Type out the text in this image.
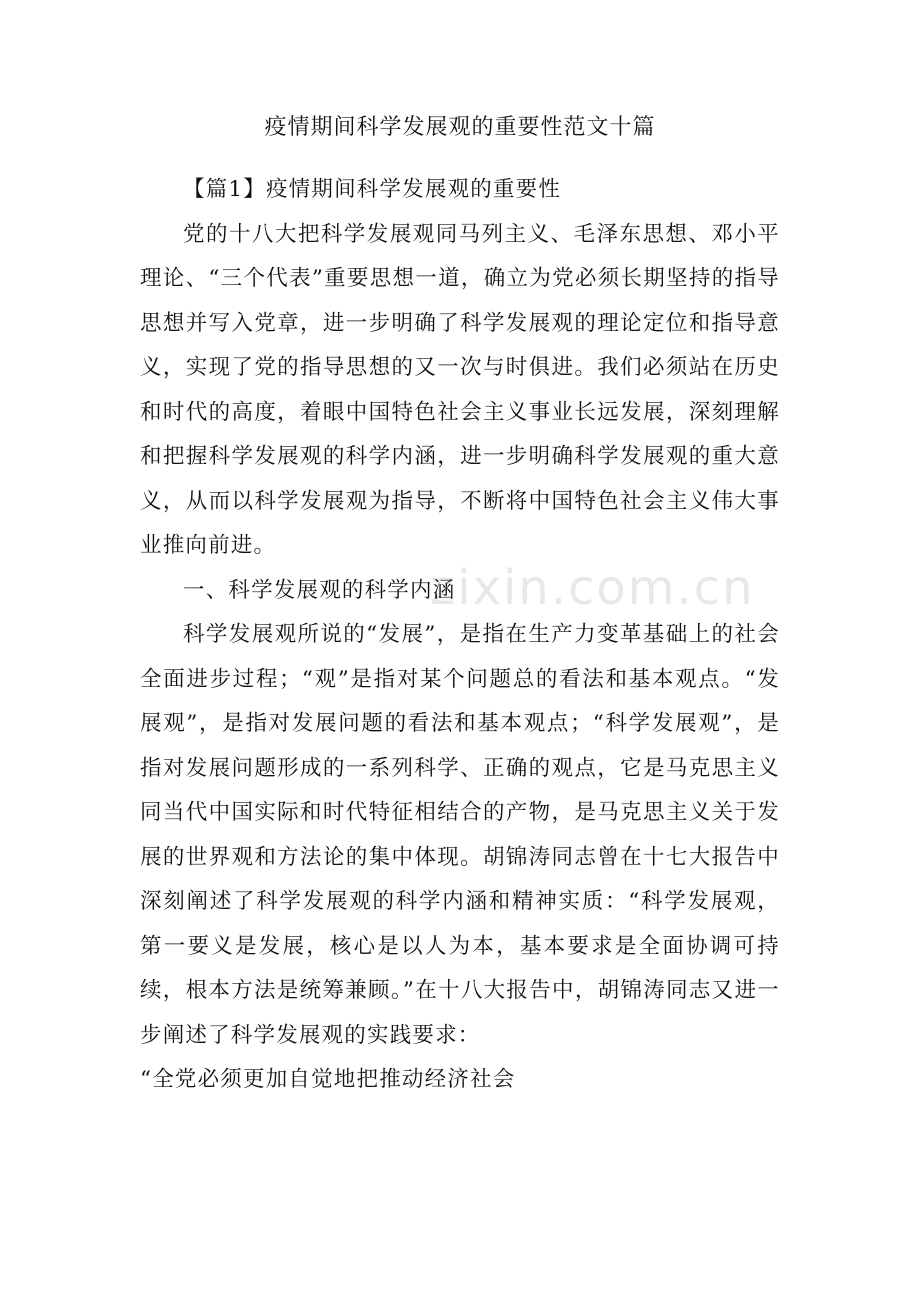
疫情期间科学发展观的重要性范文十篇
zixin.com.cn

【篇1】疫情期间科学发展观的重要性

党的十八大把科学发展观同马列主义、毛泽东思想、邓小平理论、“三个代表”重要思想一道，确立为党必须长期坚持的指导思想并写入党章，进一步明确了科学发展观的理论定位和指导意义，实现了党的指导思想的又一次与时俱进。我们必须站在历史和时代的高度，着眼中国特色社会主义事业长远发展，深刻理解和把握科学发展观的科学内涵，进一步明确科学发展观的重大意义，从而以科学发展观为指导，不断将中国特色社会主义伟大事业推向前进。

一、科学发展观的科学内涵

科学发展观所说的“发展”，是指在生产力变革基础上的社会全面进步过程；“观”是指对某个问题总的看法和基本观点。“发展观”，是指对发展问题的看法和基本观点；“科学发展观”，是指对发展问题形成的一系列科学、正确的观点，它是马克思主义同当代中国实际和时代特征相结合的产物，是马克思主义关于发展的世界观和方法论的集中体现。胡锦涛同志曾在十七大报告中深刻阐述了科学发展观的科学内涵和精神实质：“科学发展观，第一要义是发展，核心是以人为本，基本要求是全面协调可持续，根本方法是统筹兼顾。”在十八大报告中，胡锦涛同志又进一步阐述了科学发展观的实践要求：

“全党必须更加自觉地把推动经济社会
